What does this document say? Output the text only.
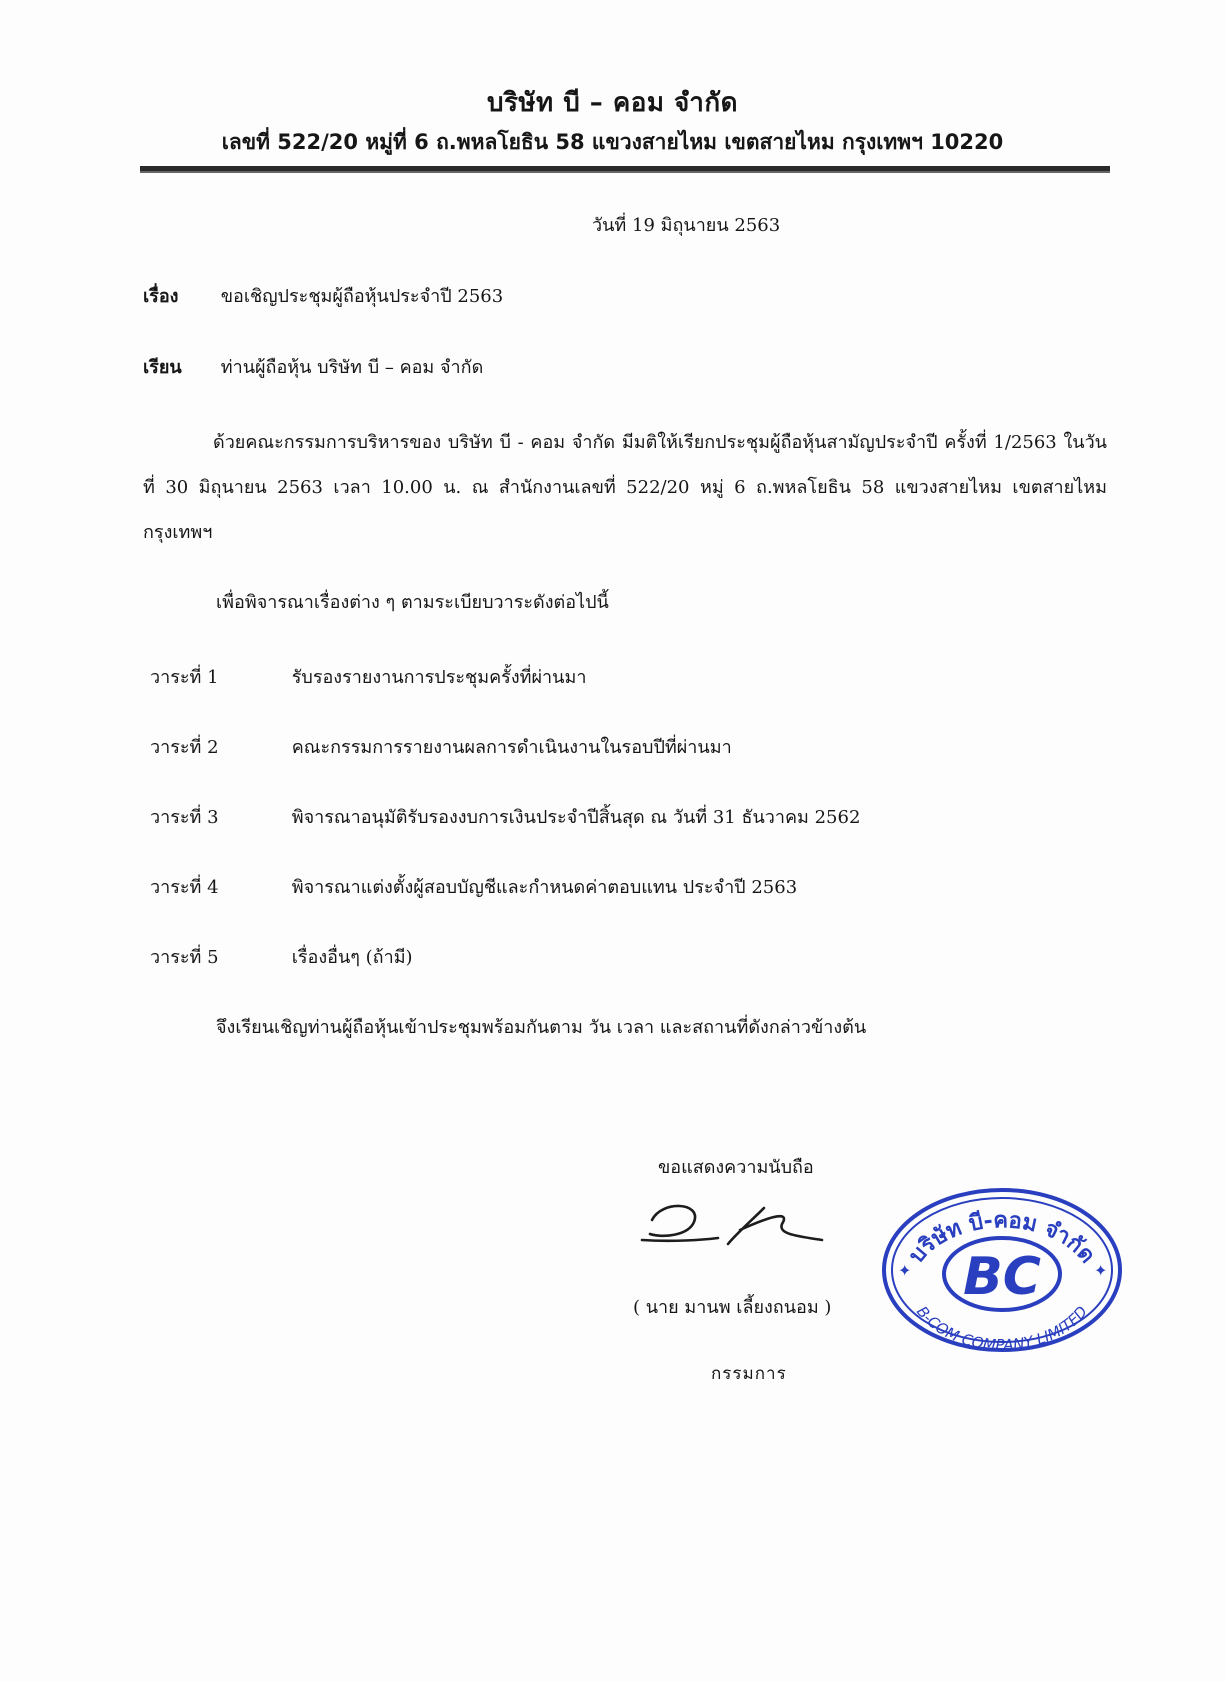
บริษัท บี – คอม จำกัด
เลขที่ 522/20 หมู่ที่ 6 ถ.พหลโยธิน 58 แขวงสายไหม เขตสายไหม กรุงเทพฯ 10220
วันที่ 19 มิถุนายน 2563
เรื่อง ขอเชิญประชุมผู้ถือหุ้นประจำปี 2563
เรียน ท่านผู้ถือหุ้น บริษัท บี – คอม จำกัด
ด้วยคณะกรรมการบริหารของ บริษัท บี - คอม จำกัด มีมติให้เรียกประชุมผู้ถือหุ้นสามัญประจำปี ครั้งที่ 1/2563 ในวันที่ 30 มิถุนายน 2563 เวลา 10.00 น. ณ สำนักงานเลขที่ 522/20 หมู่ 6 ถ.พหลโยธิน 58 แขวงสายไหม เขตสายไหม กรุงเทพฯ
เพื่อพิจารณาเรื่องต่าง ๆ ตามระเบียบวาระดังต่อไปนี้
วาระที่ 1	รับรองรายงานการประชุมครั้งที่ผ่านมา
วาระที่ 2	คณะกรรมการรายงานผลการดำเนินงานในรอบปีที่ผ่านมา
วาระที่ 3	พิจารณาอนุมัติรับรองงบการเงินประจำปีสิ้นสุด ณ วันที่ 31 ธันวาคม 2562
วาระที่ 4	พิจารณาแต่งตั้งผู้สอบบัญชีและกำหนดค่าตอบแทน ประจำปี 2563
วาระที่ 5	เรื่องอื่นๆ (ถ้ามี)
จึงเรียนเชิญท่านผู้ถือหุ้นเข้าประชุมพร้อมกันตาม วัน เวลา และสถานที่ดังกล่าวข้างต้น
ขอแสดงความนับถือ
( นาย มานพ เลี้ยงถนอม )
กรรมการ
บริษัท บี-คอม จำกัด
BC
B-COM COMPANY LIMITED
✦	✦
